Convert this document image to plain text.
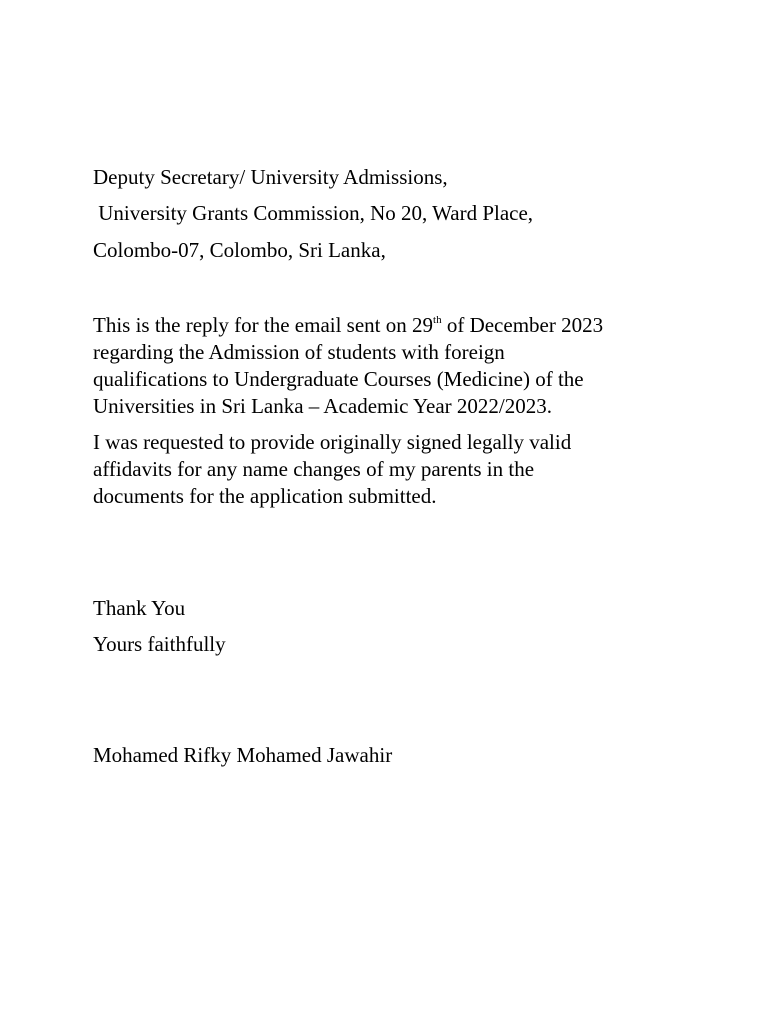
Deputy Secretary/ University Admissions,
University Grants Commission, No 20, Ward Place,
Colombo-07, Colombo, Sri Lanka,
This is the reply for the email sent on 29th of December 2023
regarding the Admission of students with foreign
qualifications to Undergraduate Courses (Medicine) of the
Universities in Sri Lanka – Academic Year 2022/2023.
I was requested to provide originally signed legally valid
affidavits for any name changes of my parents in the
documents for the application submitted.
Thank You
Yours faithfully
Mohamed Rifky Mohamed Jawahir
